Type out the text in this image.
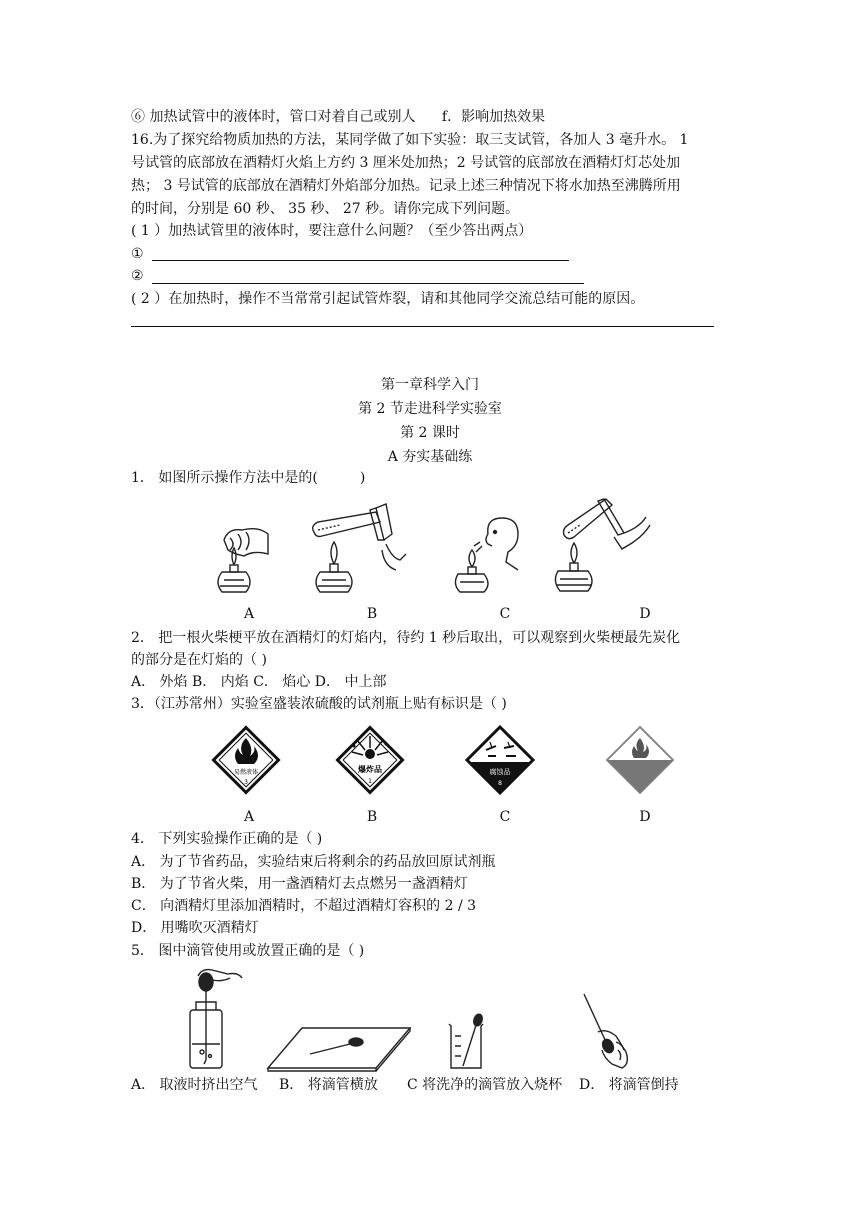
⑥ 加热试管中的液体时，管口对着自己或别人 f．影响加热效果
16.为了探究给物质加热的方法，某同学做了如下实验：取三支试管，各加人 3 毫升水。 1
号试管的底部放在酒精灯火焰上方约 3 厘米处加热；2 号试管的底部放在酒精灯灯芯处加
热； 3 号试管的底部放在酒精灯外焰部分加热。记录上述三种情况下将水加热至沸腾所用
的时间，分别是 60 秒、 35 秒、 27 秒。请你完成下列问题。
( 1 ）加热试管里的液体时，要注意什么问题？（至少答出两点）
①
②
( 2 ）在加热时，操作不当常常引起试管炸裂，请和其他同学交流总结可能的原因。
第一章科学入门
第 2 节走进科学实验室
第 2 课时
A 夯实基础练
1． 如图所示操作方法中是的(　　　)
A	B	C	D
2． 把一根火柴梗平放在酒精灯的灯焰内，待约 1 秒后取出，可以观察到火柴梗最先炭化
的部分是在灯焰的（ )
A． 外焰 B． 内焰 C． 焰心 D． 中上部
3．（江苏常州）实验室盛装浓硫酸的试剂瓶上贴有标识是（ )
易燃液体
3
爆炸品
1
腐蚀品
8
A	B	C	D
4． 下列实验操作正确的是（ )
A． 为了节省药品，实验结束后将剩余的药品放回原试剂瓶
B． 为了节省火柴，用一盏酒精灯去点燃另一盏酒精灯
C． 向酒精灯里添加酒精时，不超过酒精灯容积的 2 / 3
D． 用嘴吹灭酒精灯
5． 图中滴管使用或放置正确的是（ )
A． 取液时挤出空气 B． 将滴管横放 C 将洗净的滴管放入烧杯 D． 将滴管倒持
